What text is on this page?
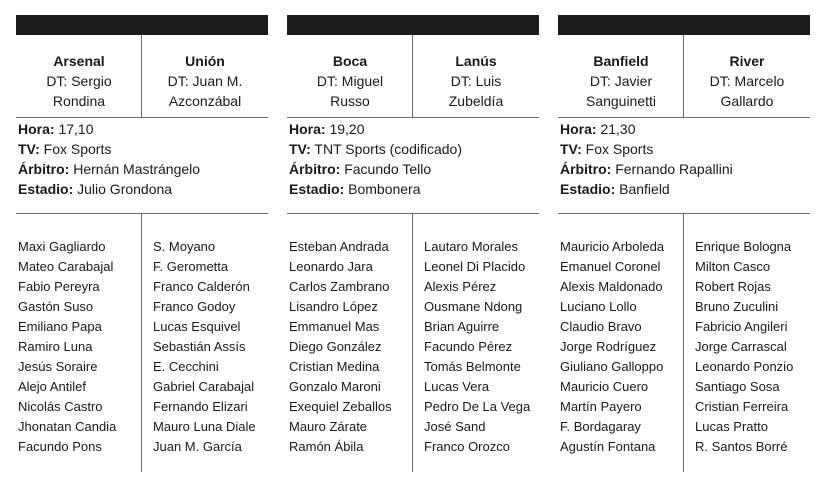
Arsenal
DT: Sergio
Rondina
Unión
DT: Juan M.
Azconzábal
Hora: 17,10
TV: Fox Sports
Árbitro: Hernán Mastrángelo
Estadio: Julio Grondona
Maxi Gagliardo
Mateo Carabajal
Fabio Pereyra
Gastón Suso
Emiliano Papa
Ramiro Luna
Jesús Soraire
Alejo Antilef
Nicolás Castro
Jhonatan Candia
Facundo Pons
S. Moyano
F. Gerometta
Franco Calderón
Franco Godoy
Lucas Esquivel
Sebastián Assís
E. Cecchini
Gabriel Carabajal
Fernando Elizari
Mauro Luna Diale
Juan M. García
Boca
DT: Miguel
Russo
Lanús
DT: Luis
Zubeldía
Hora: 19,20
TV: TNT Sports (codificado)
Árbitro: Facundo Tello
Estadio: Bombonera
Esteban Andrada
Leonardo Jara
Carlos Zambrano
Lisandro López
Emmanuel Mas
Diego González
Cristian Medina
Gonzalo Maroni
Exequiel Zeballos
Mauro Zárate
Ramón Ábila
Lautaro Morales
Leonel Di Placido
Alexis Pérez
Ousmane Ndong
Brian Aguirre
Facundo Pérez
Tomás Belmonte
Lucas Vera
Pedro De La Vega
José Sand
Franco Orozco
Banfield
DT: Javier
Sanguinetti
River
DT: Marcelo
Gallardo
Hora: 21,30
TV: Fox Sports
Árbitro: Fernando Rapallini
Estadio: Banfield
Mauricio Arboleda
Emanuel Coronel
Alexis Maldonado
Luciano Lollo
Claudio Bravo
Jorge Rodríguez
Giuliano Galloppo
Mauricio Cuero
Martín Payero
F. Bordagaray
Agustín Fontana
Enrique Bologna
Milton Casco
Robert Rojas
Bruno Zuculini
Fabricio Angileri
Jorge Carrascal
Leonardo Ponzio
Santiago Sosa
Cristian Ferreira
Lucas Pratto
R. Santos Borré
